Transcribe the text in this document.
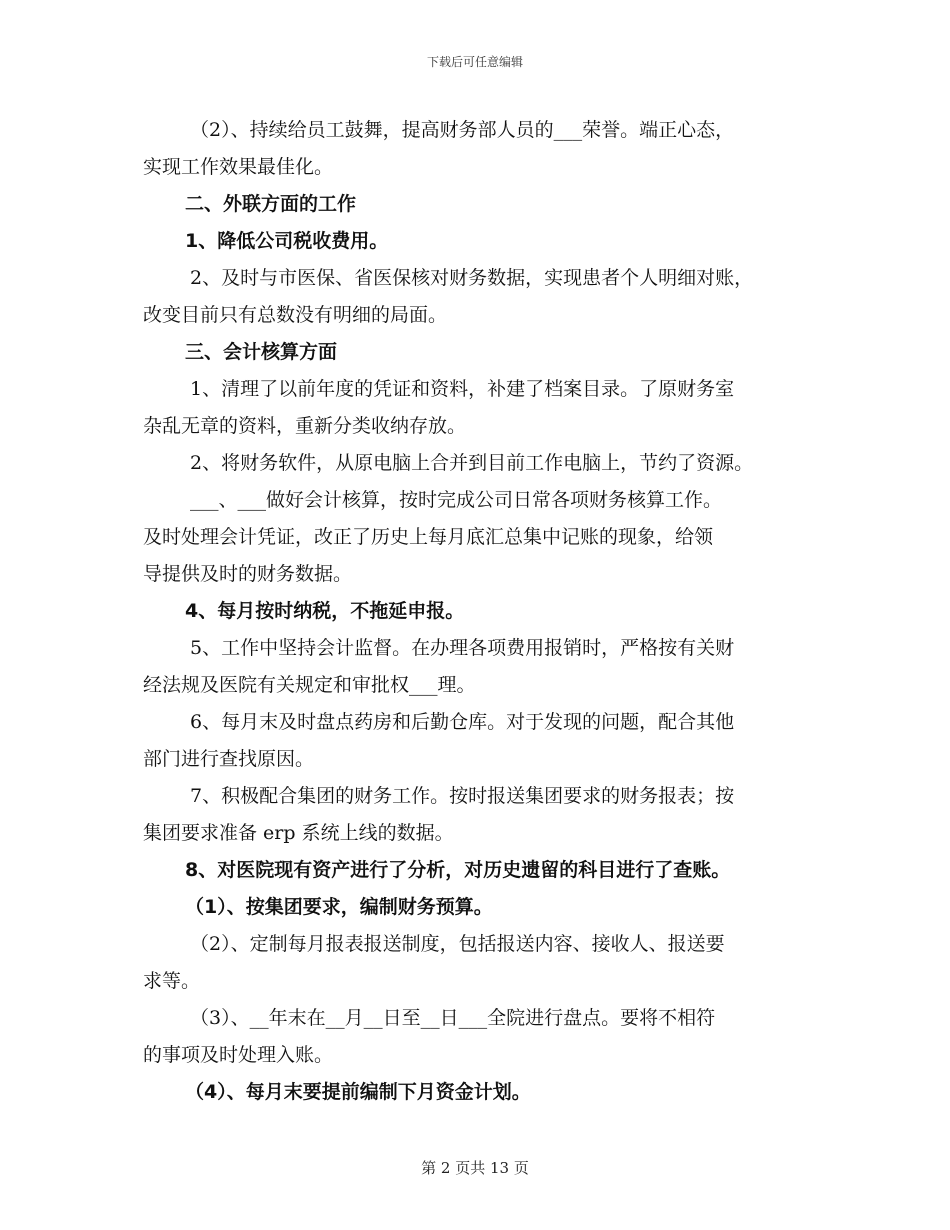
下载后可任意编辑

（2）、持续给员工鼓舞，提高财务部人员的___荣誉。端正心态，

实现工作效果最佳化。

二、外联方面的工作

1、降低公司税收费用。

2、及时与市医保、省医保核对财务数据，实现患者个人明细对账，

改变目前只有总数没有明细的局面。

三、会计核算方面

1、清理了以前年度的凭证和资料，补建了档案目录。了原财务室

杂乱无章的资料，重新分类收纳存放。

2、将财务软件，从原电脑上合并到目前工作电脑上，节约了资源。

___、___做好会计核算，按时完成公司日常各项财务核算工作。

及时处理会计凭证，改正了历史上每月底汇总集中记账的现象，给领

导提供及时的财务数据。

4、每月按时纳税，不拖延申报。

5、工作中坚持会计监督。在办理各项费用报销时，严格按有关财

经法规及医院有关规定和审批权___理。

6、每月末及时盘点药房和后勤仓库。对于发现的问题，配合其他

部门进行查找原因。

7、积极配合集团的财务工作。按时报送集团要求的财务报表；按

集团要求准备 erp 系统上线的数据。

8、对医院现有资产进行了分析，对历史遗留的科目进行了查账。

（1）、按集团要求，编制财务预算。

（2）、定制每月报表报送制度，包括报送内容、接收人、报送要

求等。

（3）、__年末在__月__日至__日___全院进行盘点。要将不相符

的事项及时处理入账。

（4）、每月末要提前编制下月资金计划。

第 2 页共 13 页
